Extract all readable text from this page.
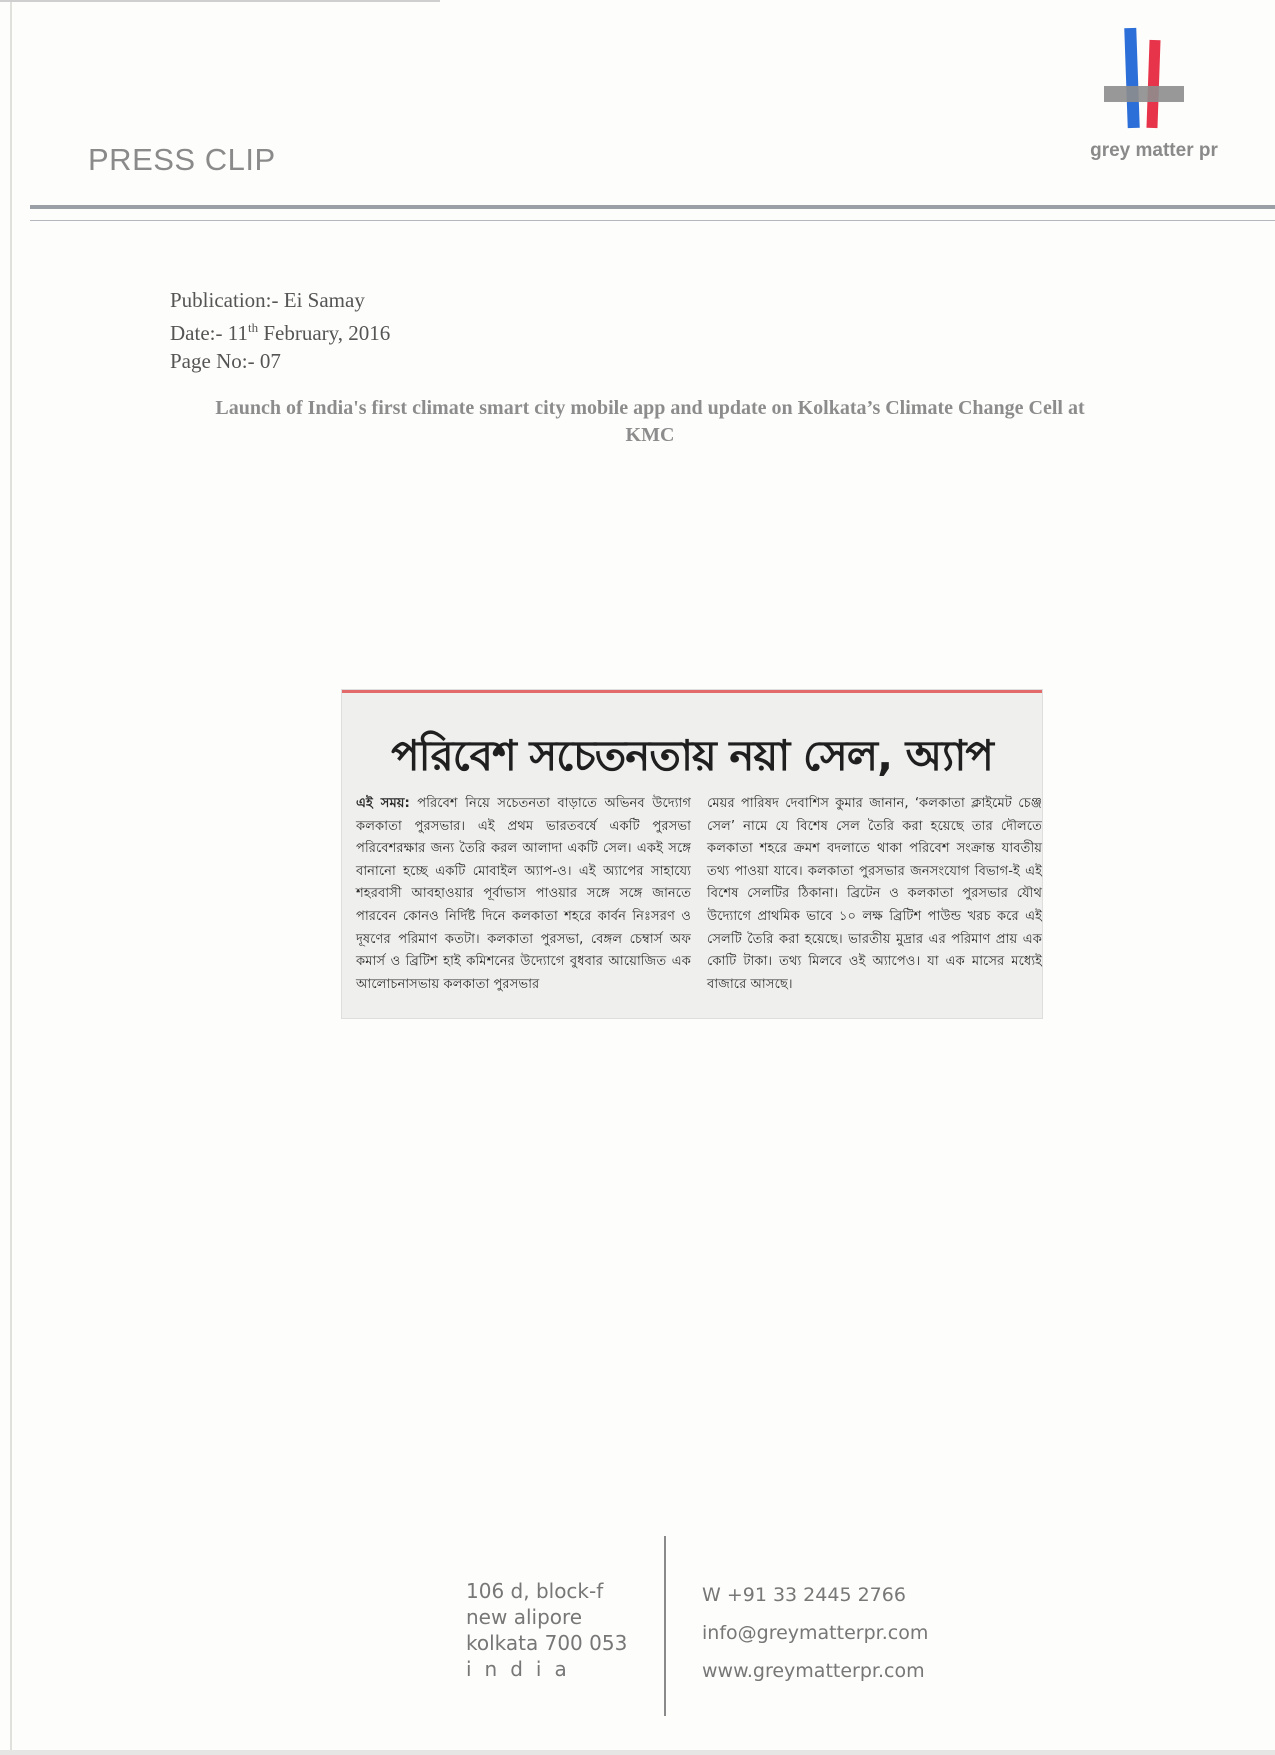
PRESS CLIP	grey matter pr
Publication:- Ei Samay
Date:- 11th February, 2016
Page No:- 07
Launch of India's first climate smart city mobile app and update on Kolkata’s Climate Change Cell at KMC
পরিবেশ সচেতনতায় নয়া সেল, অ্যাপ
এই সময়: পরিবেশ নিয়ে সচেতনতা বাড়াতে অভিনব উদ্যোগ কলকাতা পুরসভার। এই প্রথম ভারতবর্ষে একটি পুরসভা পরিবেশরক্ষার জন্য তৈরি করল আলাদা একটি সেল। একই সঙ্গে বানানো হচ্ছে একটি মোবাইল অ্যাপ-ও। এই অ্যাপের সাহায্যে শহরবাসী আবহাওয়ার পূর্বাভাস পাওয়ার সঙ্গে সঙ্গে জানতে পারবেন কোনও নির্দিষ্ট দিনে কলকাতা শহরে কার্বন নিঃসরণ ও দূষণের পরিমাণ কতটা। কলকাতা পুরসভা, বেঙ্গল চেম্বার্স অফ কমার্স ও ব্রিটিশ হাই কমিশনের উদ্যোগে বুধবার আয়োজিত এক আলোচনাসভায় কলকাতা পুরসভার
মেয়র পারিষদ দেবাশিস কুমার জানান, ‘কলকাতা ক্লাইমেট চেঞ্জ সেল’ নামে যে বিশেষ সেল তৈরি করা হয়েছে তার দৌলতে কলকাতা শহরে ক্রমশ বদলাতে থাকা পরিবেশ সংক্রান্ত যাবতীয় তথ্য পাওয়া যাবে। কলকাতা পুরসভার জনসংযোগ বিভাগ-ই এই বিশেষ সেলটির ঠিকানা। ব্রিটেন ও কলকাতা পুরসভার যৌথ উদ্যোগে প্রাথমিক ভাবে ১০ লক্ষ ব্রিটিশ পাউন্ড খরচ করে এই সেলটি তৈরি করা হয়েছে। ভারতীয় মুদ্রার এর পরিমাণ প্রায় এক কোটি টাকা। তথ্য মিলবে ওই অ্যাপেও। যা এক মাসের মধ্যেই বাজারে আসছে।
106 d, block-f
new alipore
kolkata 700 053
india
W +91 33 2445 2766
info@greymatterpr.com
www.greymatterpr.com
